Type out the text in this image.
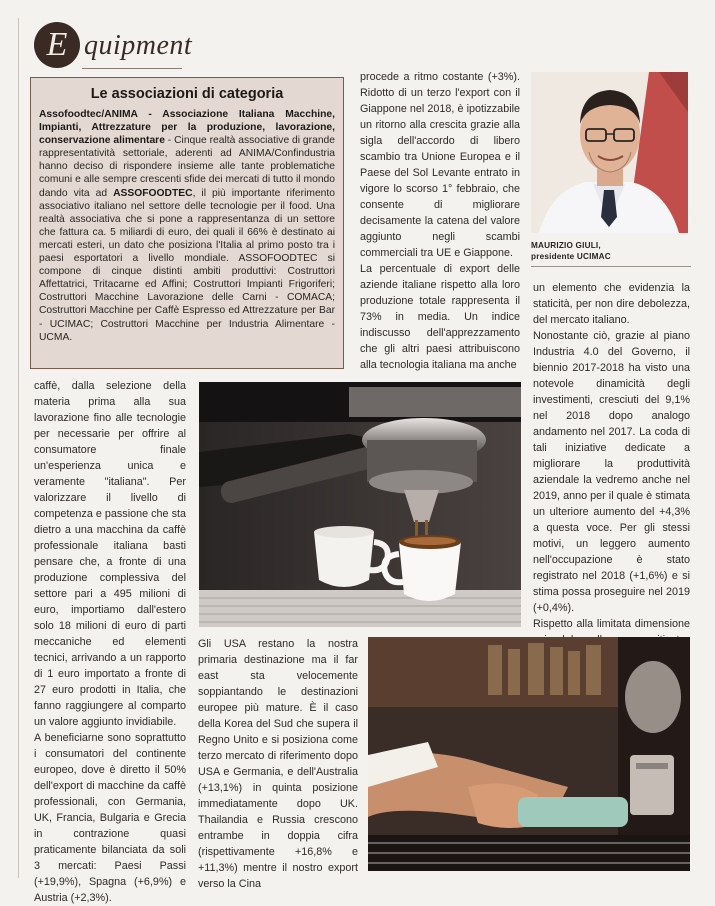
E quipment
Le associazioni di categoria
Assofoodtec/ANIMA - Associazione Italiana Macchine, Impianti, Attrezzature per la produzione, lavorazione, conservazione alimentare - Cinque realtà associative di grande rappresentatività settoriale, aderenti ad ANIMA/Confindustria hanno deciso di rispondere insieme alle tante problematiche comuni e alle sempre crescenti sfide dei mercati di tutto il mondo dando vita ad ASSOFOODTEC, il più importante riferimento associativo italiano nel settore delle tecnologie per il food. Una realtà associativa che si pone a rappresentanza di un settore che fattura ca. 5 miliardi di euro, dei quali il 66% è destinato ai mercati esteri, un dato che posiziona l'Italia al primo posto tra i paesi esportatori a livello mondiale. ASSOFOODTEC si compone di cinque distinti ambiti produttivi: Costruttori Affettatrici, Tritacarne ed Affini; Costruttori Impianti Frigoriferi; Costruttori Macchine Lavorazione delle Carni - COMACA; Costruttori Macchine per Caffè Espresso ed Attrezzature per Bar - UCIMAC; Costruttori Macchine per Industria Alimentare - UCMA.

procede a ritmo costante (+3%). Ridotto di un terzo l'export con il Giappone nel 2018, è ipotizzabile un ritorno alla crescita grazie alla sigla dell'accordo di libero scambio tra Unione Europea e il Paese del Sol Levante entrato in vigore lo scorso 1° febbraio, che consente di migliorare decisamente la catena del valore aggiunto negli scambi commerciali tra UE e Giappone.

La percentuale di export delle aziende italiane rispetto alla loro produzione totale rappresenta il 73% in media. Un indice indiscusso dell'apprezzamento che gli altri paesi attribuiscono alla tecnologia italiana ma anche

MAURIZIO GIULI,
presidente UCIMAC

un elemento che evidenzia la staticità, per non dire debolezza, del mercato italiano.

Nonostante ciò, grazie al piano Industria 4.0 del Governo, il biennio 2017-2018 ha visto una notevole dinamicità degli investimenti, cresciuti del 9,1% nel 2018 dopo analogo andamento nel 2017. La coda di tali iniziative dedicate a migliorare la produttività aziendale la vedremo anche nel 2019, anno per il quale è stimata un ulteriore aumento del +4,3% a questa voce. Per gli stessi motivi, un leggero aumento nell'occupazione è stato registrato nel 2018 (+1,6%) e si stima possa proseguire nel 2019 (+0,4%).

Rispetto alla limitata dimensione

caffè, dalla selezione della materia prima alla sua lavorazione fino alle tecnologie per necessarie per offrire al consumatore finale un'esperienza unica e veramente "italiana". Per valorizzare il livello di competenza e passione che sta dietro a una macchina da caffè professionale italiana basti pensare che, a fronte di una produzione complessiva del settore pari a 495 milioni di euro, importiamo dall'estero solo 18 milioni di euro di parti meccaniche ed elementi tecnici, arrivando a un rapporto di 1 euro importato a fronte di 27 euro prodotti in Italia, che fanno raggiungere al comparto un valore aggiunto invidiabile.

A beneficiarne sono soprattutto i consumatori del continente europeo, dove è diretto il 50% dell'export di macchine da caffè professionali, con Germania, UK, Francia, Bulgaria e Grecia in contrazione quasi praticamente bilanciata da soli 3 mercati: Paesi Passi (+19,9%), Spagna (+6,9%) e Austria (+2,3%).

Gli USA restano la nostra primaria destinazione ma il far east sta velocemente soppiantando le destinazioni europee più mature. È il caso della Korea del Sud che supera il Regno Unito e si posiziona come terzo mercato di riferimento dopo USA e Germania, e dell'Australia (+13,1%) in quinta posizione immediatamente dopo UK. Thailandia e Russia crescono entrambe in doppia cifra (rispettivamente +16,8% e +11,3%) mentre il nostro export verso la Cina
